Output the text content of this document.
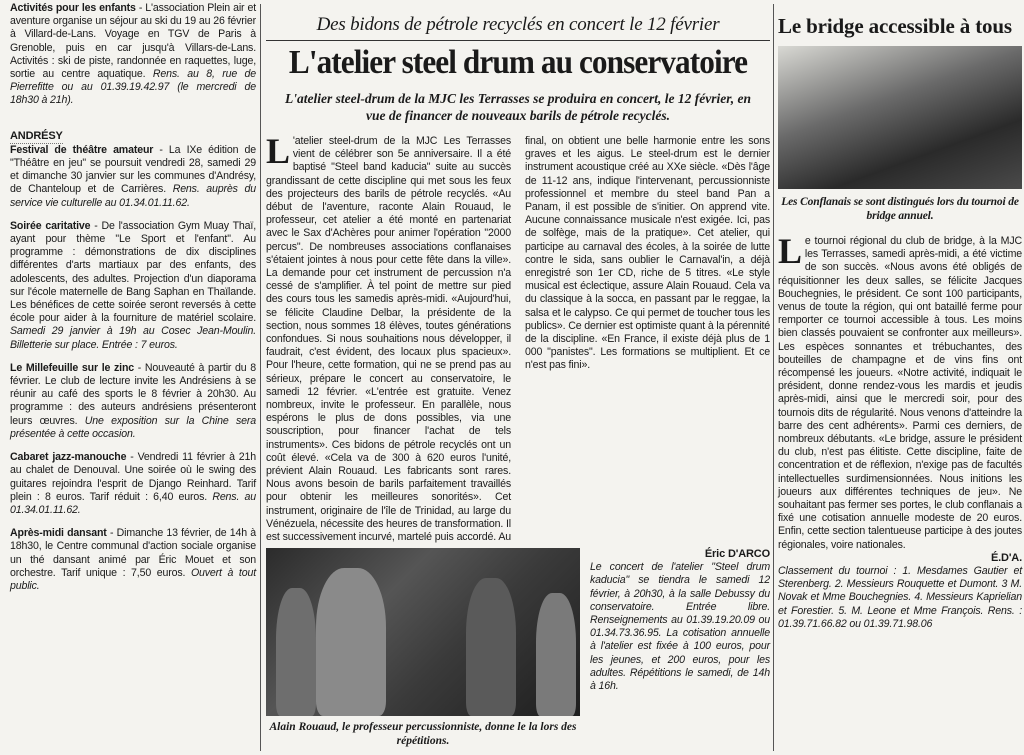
Activités pour les enfants - L'association Plein air et aventure organise un séjour au ski du 19 au 26 février à Villard-de-Lans. Voyage en TGV de Paris à Grenoble, puis en car jusqu'à Villars-de-Lans. Activités : ski de piste, randonnée en raquettes, luge, sortie au centre aquatique. Rens. au 8, rue de Pierrefitte ou au 01.39.19.42.97 (le mercredi de 18h30 à 21h).
ANDRÉSY
Festival de théâtre amateur - La IXe édition de "Théâtre en jeu" se poursuit vendredi 28, samedi 29 et dimanche 30 janvier sur les communes d'Andrésy, de Chanteloup et de Carrières. Rens. auprès du service vie culturelle au 01.34.01.11.62.
Soirée caritative - De l'association Gym Muay Thaï, ayant pour thème "Le Sport et l'enfant". Au programme : démonstrations de dix disciplines différentes d'arts martiaux par des enfants, des adolescents, des adultes. Projection d'un diaporama sur l'école maternelle de Bang Saphan en Thaïlande. Les bénéfices de cette soirée seront reversés à cette école pour aider à la fourniture de matériel scolaire. Samedi 29 janvier à 19h au Cosec Jean-Moulin. Billetterie sur place. Entrée : 7 euros.
Le Millefeuille sur le zinc - Nouveauté à partir du 8 février. Le club de lecture invite les Andrésiens à se réunir au café des sports le 8 février à 20h30. Au programme : des auteurs andrésiens présenteront leurs œuvres. Une exposition sur la Chine sera présentée à cette occasion.
Cabaret jazz-manouche - Vendredi 11 février à 21h au chalet de Denouval. Une soirée où le swing des guitares rejoindra l'esprit de Django Reinhard. Tarif plein : 8 euros. Tarif réduit : 6,40 euros. Rens. au 01.34.01.11.62.
Après-midi dansant - Dimanche 13 février, de 14h à 18h30, le Centre communal d'action sociale organise un thé dansant animé par Éric Mouet et son orchestre. Tarif unique : 7,50 euros. Ouvert à tout public.
Des bidons de pétrole recyclés en concert le 12 février
L'atelier steel drum au conservatoire
L'atelier steel-drum de la MJC les Terrasses se produira en concert, le 12 février, en vue de financer de nouveaux barils de pétrole recyclés.

L 'atelier steel-drum de la MJC Les Terrasses vient de célébrer son 5e anniversaire. Il a été baptisé "Steel band kaducia" suite au succès grandissant de cette discipline qui met sous les feux des projecteurs des barils de pétrole recyclés. «Au début de l'aventure, raconte Alain Rouaud, le professeur, cet atelier a été monté en partenariat avec le Sax d'Achères pour animer l'opération "2000 percus". De nombreuses associations conflanaises s'étaient jointes à nous pour cette fête dans la ville». La demande pour cet instrument de percussion n'a cessé de s'amplifier. À tel point de mettre sur pied des cours tous les samedis après-midi. «Aujourd'hui, se félicite Claudine Delbar, la présidente de la section, nous sommes 18 élèves, toutes générations confondues. Si nous souhaitions nous développer, il faudrait, c'est évident, des locaux plus spacieux». Pour l'heure, cette formation, qui ne se prend pas au sérieux, prépare le concert au conservatoire, le samedi 12 février. «L'entrée est gratuite. Venez nombreux, invite le professeur. En parallèle, nous espérons le plus de dons possibles, via une souscription, pour financer l'achat de tels instruments». Ces bidons de pétrole recyclés ont un coût élevé. «Cela va de 300 à 620 euros l'unité, prévient Alain Rouaud. Les fabricants sont rares. Nous avons besoin de barils parfaitement travaillés pour obtenir les meilleures sonorités». Cet instrument, originaire de l'île de Trinidad, au large du Vénézuela, nécessite des heures de transformation. Il est successivement incurvé, martelé puis accordé. Au final, on obtient une belle harmonie entre les sons graves et les aigus. Le steel-drum est le dernier instrument acoustique créé au XXe siècle. «Dès l'âge de 11-12 ans, indique l'intervenant, percussionniste professionnel et membre du steel band Pan a Panam, il est possible de s'initier. On apprend vite. Aucune connaissance musicale n'est exigée. Ici, pas de solfège, mais de la pratique». Cet atelier, qui participe au carnaval des écoles, à la soirée de lutte contre le sida, sans oublier le Carnaval'in, a déjà enregistré son 1er CD, riche de 5 titres. «Le style musical est éclectique, assure Alain Rouaud. Cela va du classique à la socca, en passant par le reggae, la salsa et le calypso. Ce qui permet de toucher tous les publics». Ce dernier est optimiste quant à la pérennité de la discipline. «En France, il existe déjà plus de 1 000 "panistes". Les formations se multiplient. Et ce n'est pas fini».

Alain Rouaud, le professeur percussionniste, donne le la lors des répétitions.
Éric D'ARCO
Le concert de l'atelier "Steel drum kaducia" se tiendra le samedi 12 février, à 20h30, à la salle Debussy du conservatoire. Entrée libre. Renseignements au 01.39.19.20.09 ou 01.34.73.36.95. La cotisation annuelle à l'atelier est fixée à 100 euros, pour les jeunes, et 200 euros, pour les adultes. Répétitions le samedi, de 14h à 16h.
Le bridge accessible à tous
Les Conflanais se sont distingués lors du tournoi de bridge annuel.
Le tournoi régional du club de bridge, à la MJC les Terrasses, samedi après-midi, a été victime de son succès. «Nous avons été obligés de réquisitionner les deux salles, se félicite Jacques Bouchegnies, le président. Ce sont 100 participants, venus de toute la région, qui ont bataillé ferme pour remporter ce tournoi accessible à tous. Les moins bien classés pouvaient se confronter aux meilleurs». Les espèces sonnantes et trébuchantes, des bouteilles de champagne et de vins fins ont récompensé les joueurs. «Notre activité, indiquait le président, donne rendez-vous les mardis et jeudis après-midi, ainsi que le mercredi soir, pour des tournois dits de régularité. Nous venons d'atteindre la barre des cent adhérents». Parmi ces derniers, de nombreux débutants. «Le bridge, assure le président du club, n'est pas élitiste. Cette discipline, faite de concentration et de réflexion, n'exige pas de facultés intellectuelles surdimensionnées. Nous initions les joueurs aux différentes techniques de jeu». Ne souhaitant pas fermer ses portes, le club conflanais a fixé une cotisation annuelle modeste de 20 euros. Enfin, cette section talentueuse participe à des joutes régionales, voire nationales.
É.D'A.
Classement du tournoi : 1. Mesdames Gautier et Sterenberg. 2. Messieurs Rouquette et Dumont. 3 M. Novak et Mme Bouchegnies. 4. Messieurs Kaprielian et Forestier. 5. M. Leone et Mme François. Rens. : 01.39.71.66.82 ou 01.39.71.98.06
